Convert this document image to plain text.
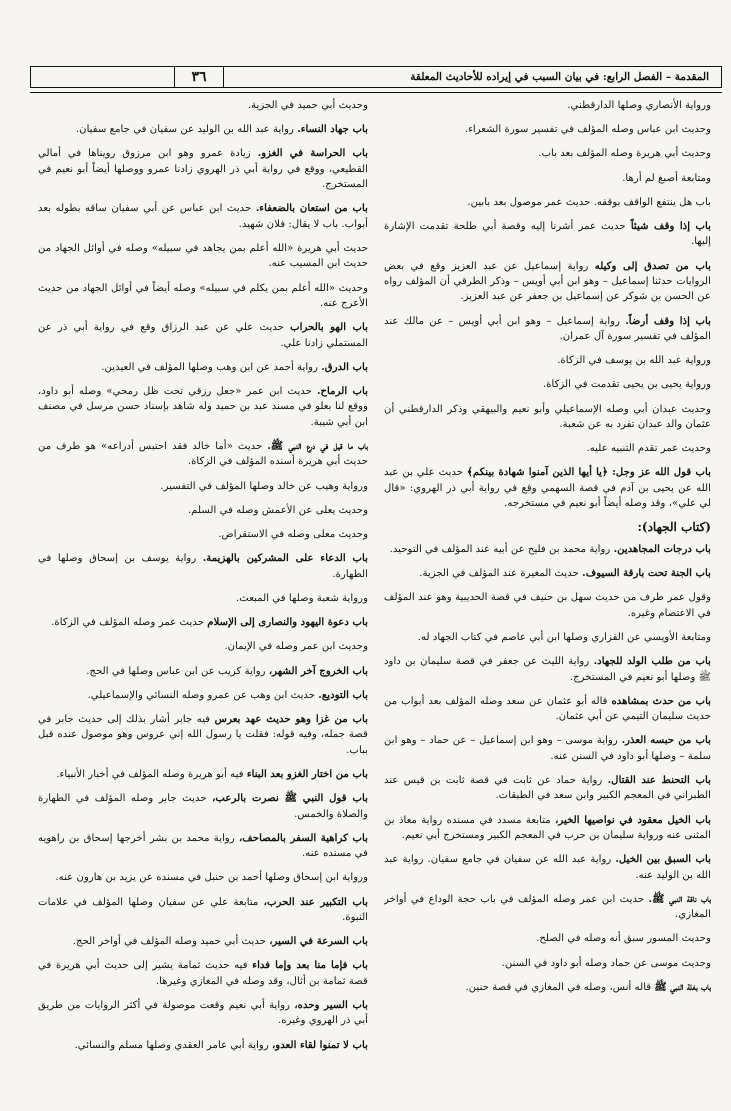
٣٦	المقدمة – الفصل الرابع: في بيان السبب في إيراده للأحاديث المعلقة

ورواية الأنصاري وصلها الدارقطني.

وحديث ابن عباس وصله المؤلف في تفسير سورة الشعراء.

وحديث أبي هريرة وصله المؤلف بعد باب.

ومتابعة أصبغ لم أرها.

باب هل ينتفع الواقف بوقفه. حديث عمر موصول بعد بابين.

باب إذا وقف شيئاً حديث عمر أشرنا إليه وقصة أبي طلحة تقدمت الإشارة إليها.

باب من تصدق إلى وكيله رواية إسماعيل عن عبد العزيز وقع في بعض الروايات حدثنا إسماعيل – وهو ابن أبي أويس – وذكر الطرقي أن المؤلف رواه عن الحسن بن شوكر عن إسماعيل بن جعفر عن عبد العزيز.

باب إذا وقف أرضاً. رواية إسماعيل – وهو ابن أبي أويس – عن مالك عند المؤلف في تفسير سورة آل عمران.

ورواية عبد الله بن يوسف في الزكاة.

ورواية يحيى بن يحيى تقدمت في الزكاة.

وحديث عبدان أبي وصله الإسماعيلي وأبو نعيم والبيهقي وذكر الدارقطني أن عثمان والد عبدان تفرد به عن شعبة.

وحديث عمر تقدم التنبيه عليه.

باب قول الله عز وجل: ﴿يا أيها الذين آمنوا شهادة بينكم﴾ حديث علي بن عبد الله عن يحيى بن آدم في قصة السهمي وقع في رواية أبي ذر الهروي: «قال لي علي»، وقد وصله أيضاً أبو نعيم في مستخرجه.

(كتاب الجهاد):

باب درجات المجاهدين. رواية محمد بن فليح عن أبيه عند المؤلف في التوحيد.

باب الجنة تحت بارقة السيوف. حديث المغيرة عند المؤلف في الجزية.

وقول عمر طرف من حديث سهل بن حنيف في قصة الحديبية وهو عند المؤلف في الاعتصام وغيره.

ومتابعة الأويسي عن الفزاري وصلها ابن أبي عاصم في كتاب الجهاد له.

باب من طلب الولد للجهاد. رواية الليث عن جعفر في قصة سليمان بن داود ﷺ وصلها أبو نعيم في المستخرج.

باب من حدث بمشاهده قاله أبو عثمان عن سعد وصله المؤلف بعد أبواب من حديث سليمان التيمي عن أبي عثمان.

باب من حبسه العذر. رواية موسى – وهو ابن إسماعيل – عن حماد – وهو ابن سلمة – وصلها أبو داود في السنن عنه.

باب التحنط عند القتال. رواية حماد عن ثابت في قصة ثابت بن قيس عند الطبراني في المعجم الكبير وابن سعد في الطبقات.

باب الخيل معقود في نواصيها الخير، متابعة مسدد في مسنده رواية معاذ بن المثنى عنه ورواية سليمان بن حرب في المعجم الكبير ومستخرج أبي نعيم.

باب السبق بين الخيل. رواية عبد الله عن سفيان في جامع سفيان. رواية عبد الله بن الوليد عنه.

باب ناقة النبي ﷺ. حديث ابن عمر وصله المؤلف في باب حجة الوداع في أواخر المغازي.

وحديث المسور سبق أنه وصله في الصلح.

وحديث موسى عن حماد وصله أبو داود في السنن.

باب بغلة النبي ﷺ قاله أنس، وصله في المغازي في قصة حنين.

وحديث أبي حميد في الجزية.

باب جهاد النساء. رواية عبد الله بن الوليد عن سفيان في جامع سفيان.

باب الحراسة في الغزو. زيادة عمرو وهو ابن مرزوق رويناها في أمالي القطيعي، ووقع في رواية أبي ذر الهروي زادنا عمرو ووصلها أيضاً أبو نعيم في المستخرج.

باب من استعان بالضعفاء. حديث ابن عباس عن أبي سفيان ساقه بطوله بعد أبواب. باب لا يقال: فلان شهيد.

حديث أبي هريرة «الله أعلم بمن يجاهد في سبيله» وصله في أوائل الجهاد من حديث ابن المسيب عنه.

وحديث «الله أعلم بمن يكلم في سبيله» وصله أيضاً في أوائل الجهاد من حديث الأعرج عنه.

باب الهو بالحراب حديث علي عن عبد الرزاق وقع في رواية أبي ذر عن المستملي زادنا علي.

باب الدرق. رواية أحمد عن ابن وهب وصلها المؤلف في العيدين.

باب الرماح. حديث ابن عمر «جعل رزقي تحت ظل رمحي» وصله أبو داود، ووقع لنا بعلو في مسند عبد بن حميد وله شاهد بإسناد حسن مرسل في مصنف ابن أبي شيبة.

باب ما قيل في درع النبي ﷺ. حديث «أما خالد فقد احتبس أدراعه» هو طرف من حديث أبي هريرة أسنده المؤلف في الزكاة.

ورواية وهيب عن خالد وصلها المؤلف في التفسير.

وحديث يعلى عن الأعمش وصله في السلم.

وحديث معلى وصله في الاستقراض.

باب الدعاء على المشركين بالهزيمة. رواية يوسف بن إسحاق وصلها في الطهارة.

ورواية شعبة وصلها في المبعث.

باب دعوة اليهود والنصارى إلى الإسلام حديث عمر وصله المؤلف في الزكاة.

وحديث ابن عمر وصله في الإيمان.

باب الخروج آخر الشهر، رواية كريب عن ابن عباس وصلها في الحج.

باب التوديع. حديث ابن وهب عن عمرو وصله النسائي والإسماعيلي.

باب من غزا وهو حديث عهد بعرس فيه جابر أشار بذلك إلى حديث جابر في قصة جمله، وفيه قوله: فقلت يا رسول الله إني عروس وهو موصول عنده قبل بباب.

باب من اختار الغزو بعد البناء فيه أبو هريرة وصله المؤلف في أخبار الأنبياء.

باب قول النبي ﷺ نصرت بالرعب، حديث جابر وصله المؤلف في الطهارة والصلاة والخمس.

باب كراهية السفر بالمصاحف، رواية محمد بن بشر أخرجها إسحاق بن راهويه في مسنده عنه.

ورواية ابن إسحاق وصلها أحمد بن حنبل في مسنده عن يزيد بن هارون عنه.

باب التكبير عند الحرب، متابعة علي عن سفيان وصلها المؤلف في علامات النبوة.

باب السرعة في السير، حديث أبي حميد وصله المؤلف في أواخر الحج.

باب فإما منا بعد وإما فداء فيه حديث ثمامة يشير إلى حديث أبي هريرة في قصة ثمامة بن أثال، وقد وصله في المغازي وغيرها.

باب السير وحده، رواية أبي نعيم وقعت موصولة في أكثر الروايات من طريق أبي ذر الهروي وغيره.

باب لا تمنوا لقاء العدو، رواية أبي عامر العقدي وصلها مسلم والنسائي.
